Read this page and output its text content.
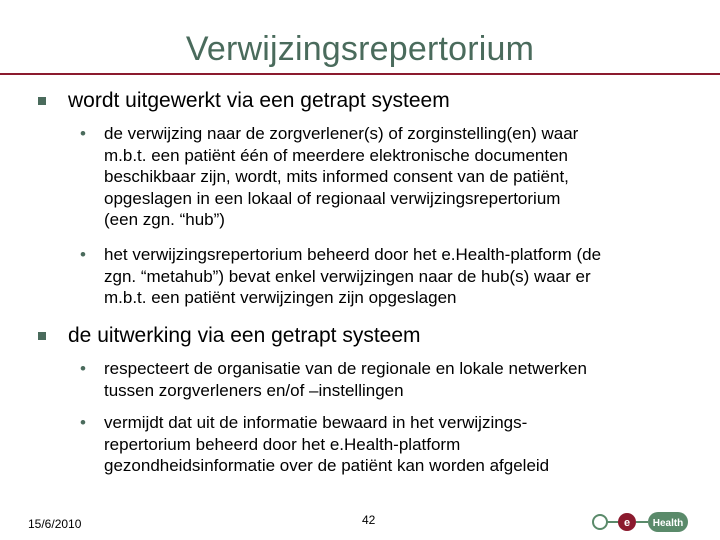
Verwijzingsrepertorium
wordt uitgewerkt via een getrapt systeem
• de verwijzing naar de zorgverlener(s) of zorginstelling(en) waar
m.b.t. een patiënt één of meerdere elektronische documenten
beschikbaar zijn, wordt, mits informed consent van de patiënt,
opgeslagen in een lokaal of regionaal verwijzingsrepertorium
(een zgn. “hub”)
• het verwijzingsrepertorium beheerd door het e.Health-platform (de
zgn. “metahub”) bevat enkel verwijzingen naar de hub(s) waar er
m.b.t. een patiënt verwijzingen zijn opgeslagen
de uitwerking via een getrapt systeem
• respecteert de organisatie van de regionale en lokale netwerken
tussen zorgverleners en/of –instellingen
• vermijdt dat uit de informatie bewaard in het verwijzings-
repertorium beheerd door het e.Health-platform
gezondheidsinformatie over de patiënt kan worden afgeleid
15/6/2010	42	e Health
